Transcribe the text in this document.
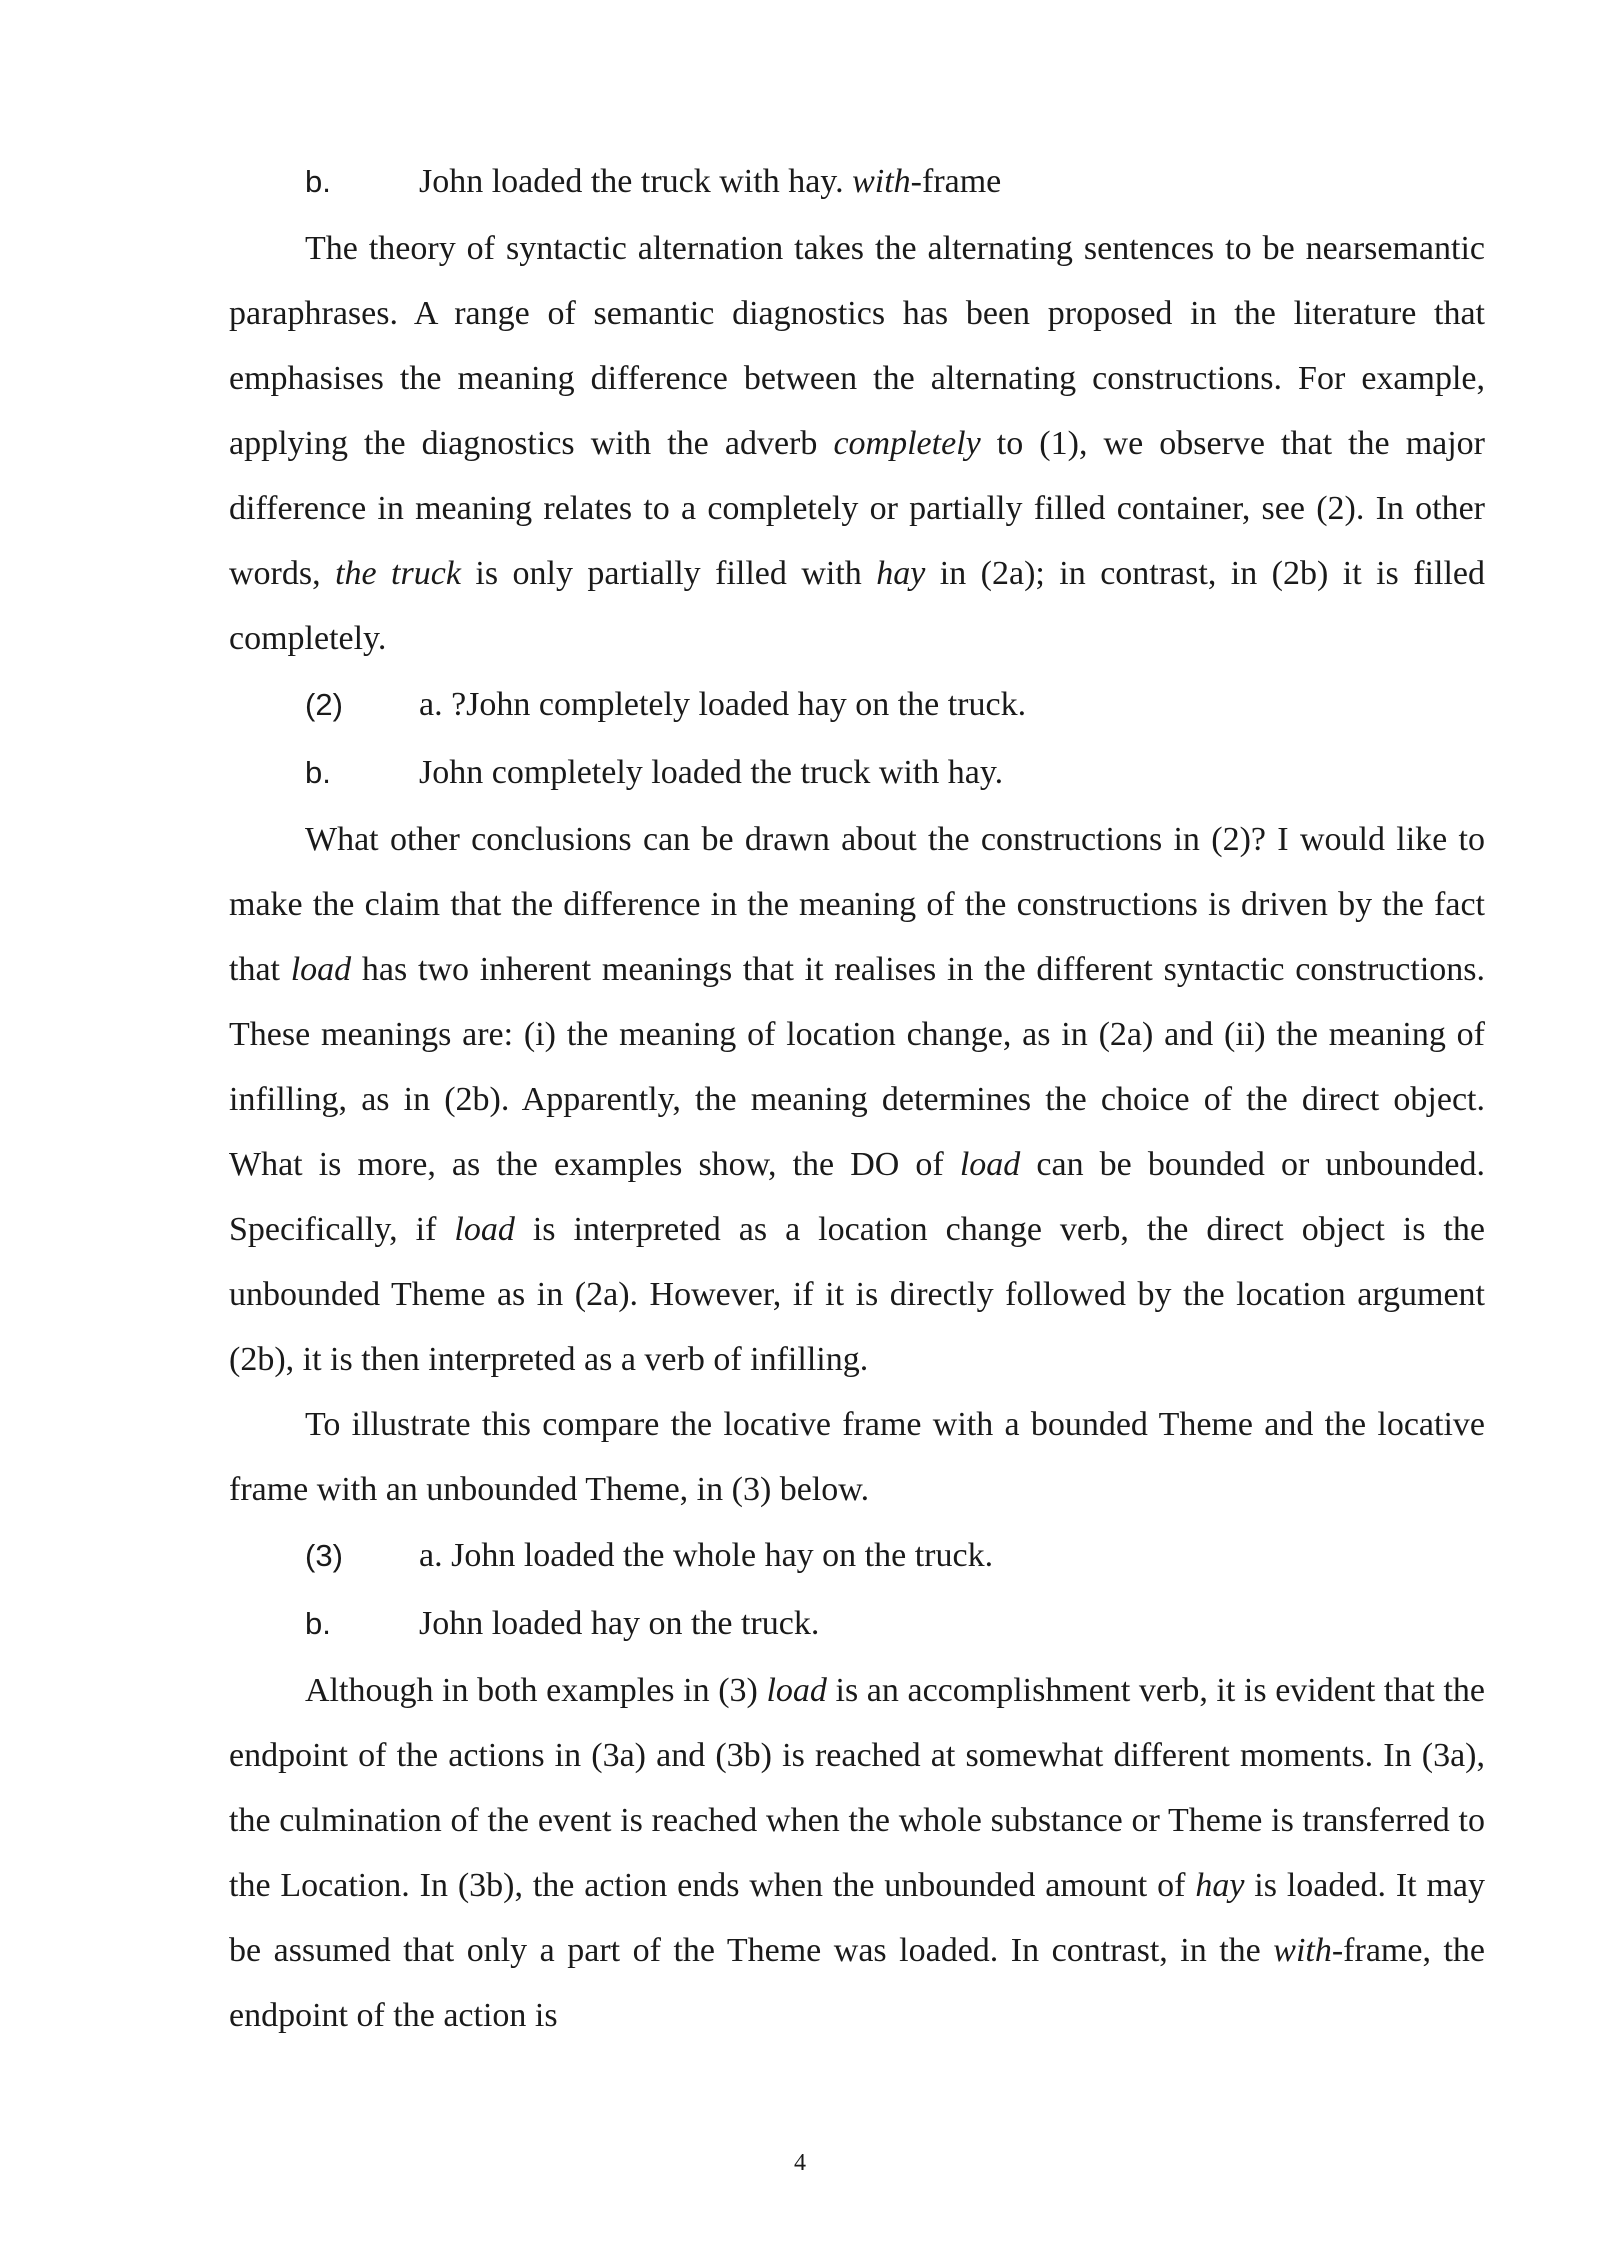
b.	John loaded the truck with hay. with-frame

The theory of syntactic alternation takes the alternating sentences to be nearsemantic paraphrases. A range of semantic diagnostics has been proposed in the literature that emphasises the meaning difference between the alternating constructions. For example, applying the diagnostics with the adverb completely to (1), we observe that the major difference in meaning relates to a completely or partially filled container, see (2). In other words, the truck is only partially filled with hay in (2a); in contrast, in (2b) it is filled completely.

(2)	a. ?John completely loaded hay on the truck.
b.	John completely loaded the truck with hay.

What other conclusions can be drawn about the constructions in (2)? I would like to make the claim that the difference in the meaning of the constructions is driven by the fact that load has two inherent meanings that it realises in the different syntactic constructions. These meanings are: (i) the meaning of location change, as in (2a) and (ii) the meaning of infilling, as in (2b). Apparently, the meaning determines the choice of the direct object. What is more, as the examples show, the DO of load can be bounded or unbounded. Specifically, if load is interpreted as a location change verb, the direct object is the unbounded Theme as in (2a). However, if it is directly followed by the location argument (2b), it is then interpreted as a verb of infilling.

To illustrate this compare the locative frame with a bounded Theme and the locative frame with an unbounded Theme, in (3) below.

(3)	a. John loaded the whole hay on the truck.
b.	John loaded hay on the truck.

Although in both examples in (3) load is an accomplishment verb, it is evident that the endpoint of the actions in (3a) and (3b) is reached at somewhat different moments. In (3a), the culmination of the event is reached when the whole substance or Theme is transferred to the Location. In (3b), the action ends when the unbounded amount of hay is loaded. It may be assumed that only a part of the Theme was loaded. In contrast, in the with-frame, the endpoint of the action is

4
